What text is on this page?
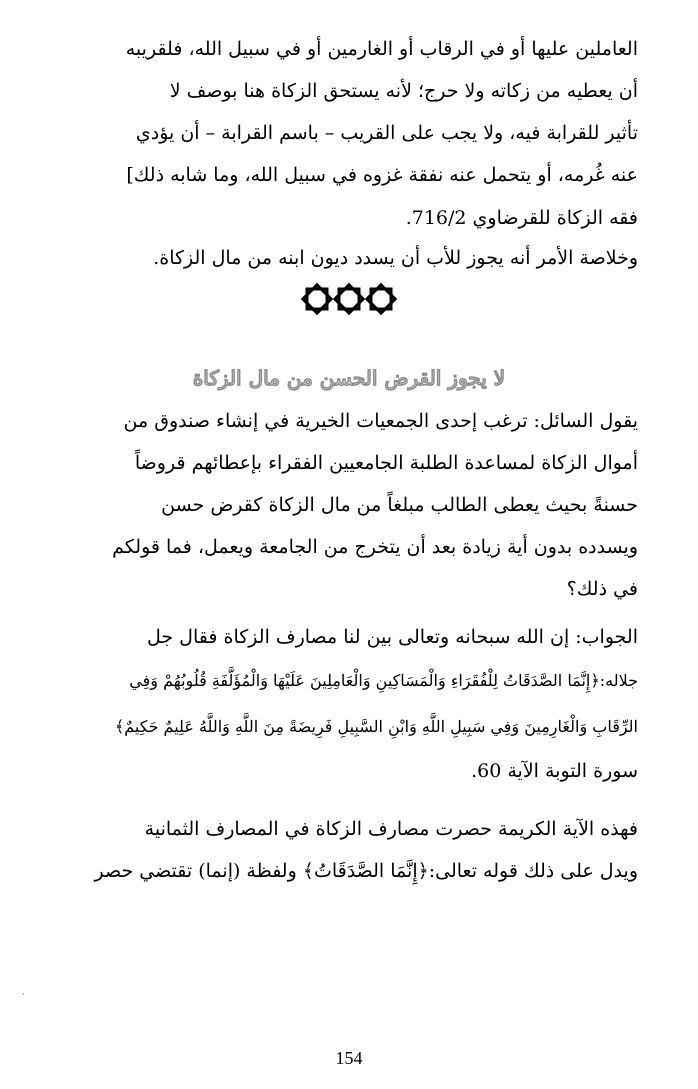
العاملين عليها أو في الرقاب أو الغارمين أو في سبيل الله، فلقريبه
أن يعطيه من زكاته ولا حرج؛ لأنه يستحق الزكاة هنا بوصف لا
تأثير للقرابة فيه، ولا يجب على القريب – باسم القرابة – أن يؤدي
عنه غُرمه، أو يتحمل عنه نفقة غزوه في سبيل الله، وما شابه ذلك]
فقه الزكاة للقرضاوي 716/2.
وخلاصة الأمر أنه يجوز للأب أن يسدد ديون ابنه من مال الزكاة.
لا يجوز القرض الحسن من مال الزكاة
يقول السائل: ترغب إحدى الجمعيات الخيرية في إنشاء صندوق من
أموال الزكاة لمساعدة الطلبة الجامعيين الفقراء بإعطائهم قروضاً
حسنةً بحيث يعطى الطالب مبلغاً من مال الزكاة كقرض حسن
ويسدده بدون أية زيادة بعد أن يتخرج من الجامعة ويعمل، فما قولكم
في ذلك؟
الجواب: إن الله سبحانه وتعالى بين لنا مصارف الزكاة فقال جل
جلاله:﴿إِنَّمَا الصَّدَقَاتُ لِلْفُقَرَاءِ وَالْمَسَاكِينِ وَالْعَامِلِينَ عَلَيْهَا وَالْمُؤَلَّفَةِ قُلُوبُهُمْ وَفِي
الرِّقَابِ وَالْغَارِمِينَ وَفِي سَبِيلِ اللَّهِ وَابْنِ السَّبِيلِ فَرِيضَةً مِنَ اللَّهِ وَاللَّهُ عَلِيمٌ حَكِيمٌ﴾
سورة التوبة الآية 60.
فهذه الآية الكريمة حصرت مصارف الزكاة في المصارف الثمانية
ويدل على ذلك قوله تعالى:﴿إِنَّمَا الصَّدَقَاتُ﴾ ولفظة (إنما) تقتضي حصر
154
